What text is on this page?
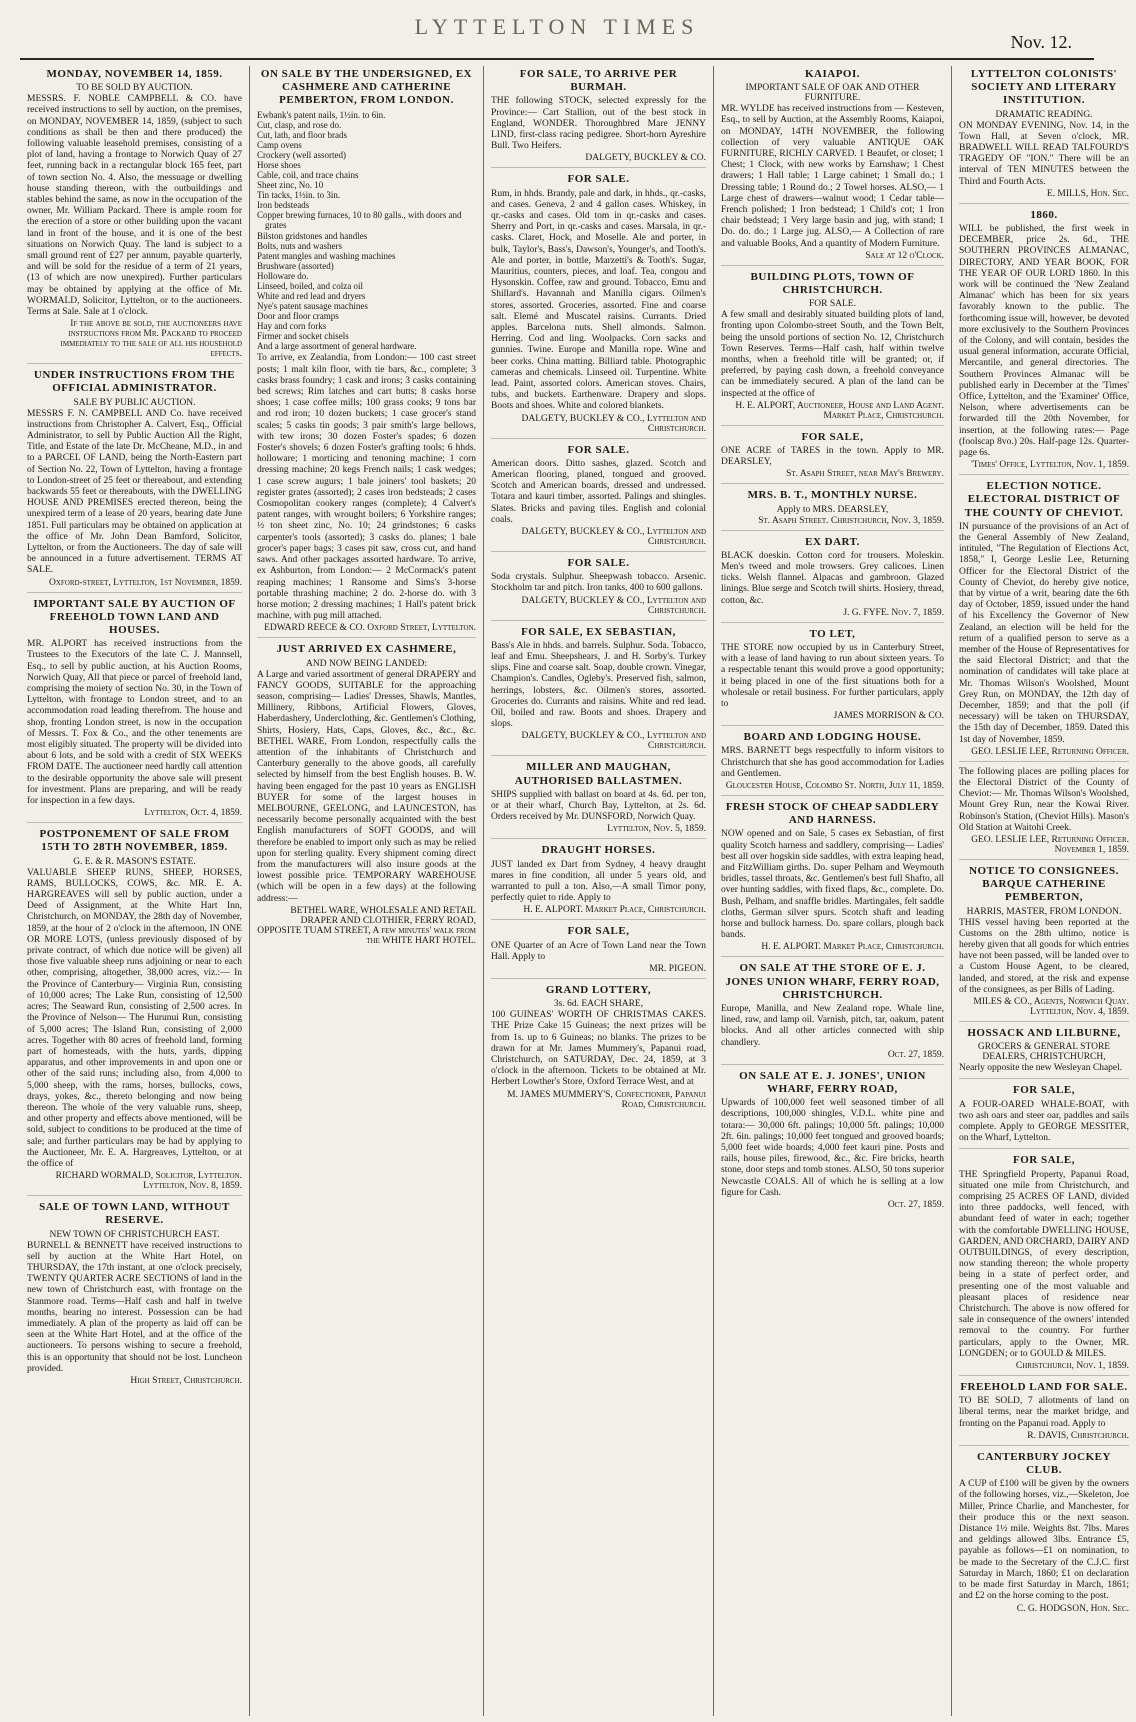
LYTTELTON TIMES
Nov. 12.
MONDAY, NOVEMBER 14, 1859.
TO BE SOLD BY AUCTION.
MESSRS. F. NOBLE CAMPBELL & CO. have received instructions to sell by auction, on the premises, on MONDAY, NOVEMBER 14, 1859, (subject to such conditions as shall be then and there produced) the following valuable leasehold premises, consisting of a plot of land, having a frontage to Norwich Quay of 27 feet, running back in a rectangular block 165 feet, part of town section No. 4. Also, the messuage or dwelling house standing thereon, with the outbuildings and stables behind the same, as now in the occupation of the owner, Mr. William Packard. There is ample room for the erection of a store or other building upon the vacant land in front of the house, and it is one of the best situations on Norwich Quay. The land is subject to a small ground rent of £27 per annum, payable quarterly, and will be sold for the residue of a term of 21 years, (13 of which are now unexpired). Further particulars may be obtained by applying at the office of Mr. WORMALD, Solicitor, Lyttelton, or to the auctioneers. Terms at Sale. Sale at 1 o'clock.
If the above be sold, the auctioneers have instructions from Mr. Packard to proceed immediately to the sale of all his household effects.
UNDER INSTRUCTIONS FROM THE OFFICIAL ADMINISTRATOR.
SALE BY PUBLIC AUCTION.
MESSRS F. N. CAMPBELL AND Co. have received instructions from Christopher A. Calvert, Esq., Official Administrator, to sell by Public Auction All the Right, Title, and Estate of the late Dr. McCheane, M.D., in and to a PARCEL OF LAND, being the North-Eastern part of Section No. 22, Town of Lyttelton, having a frontage to London-street of 25 feet or thereabout, and extending backwards 55 feet or thereabouts, with the DWELLING HOUSE AND PREMISES erected thereon, being the unexpired term of a lease of 20 years, bearing date June 1851. Full particulars may be obtained on application at the office of Mr. John Dean Bamford, Solicitor, Lyttelton, or from the Auctioneers. The day of sale will be announced in a future advertisement. TERMS AT SALE.
Oxford-street, Lyttelton, 1st November, 1859.
IMPORTANT SALE BY AUCTION OF FREEHOLD TOWN LAND AND HOUSES.
MR. ALPORT has received instructions from the Trustees to the Executors of the late C. J. Mannsell, Esq., to sell by public auction, at his Auction Rooms, Norwich Quay, All that piece or parcel of freehold land, comprising the moiety of section No. 30, in the Town of Lyttelton, with frontage to London street, and to an accommodation road leading therefrom. The house and shop, fronting London street, is now in the occupation of Messrs. T. Fox & Co., and the other tenements are most eligibly situated. The property will be divided into about 6 lots, and be sold with a credit of SIX WEEKS FROM DATE. The auctioneer need hardly call attention to the desirable opportunity the above sale will present for investment. Plans are preparing, and will be ready for inspection in a few days.
Lyttelton, Oct. 4, 1859.
POSTPONEMENT OF SALE FROM 15TH TO 28TH NOVEMBER, 1859.
G. E. & R. MASON'S ESTATE.
VALUABLE SHEEP RUNS, SHEEP, HORSES, RAMS, BULLOCKS, COWS, &c. MR. E. A. HARGREAVES will sell by public auction, under a Deed of Assignment, at the White Hart Inn, Christchurch, on MONDAY, the 28th day of November, 1859, at the hour of 2 o'clock in the afternoon, IN ONE OR MORE LOTS, (unless previously disposed of by private contract, of which due notice will be given) all those five valuable sheep runs adjoining or near to each other, comprising, altogether, 38,000 acres, viz.:— In the Province of Canterbury— Virginia Run, consisting of 10,000 acres; The Lake Run, consisting of 12,500 acres; The Seaward Run, consisting of 2,500 acres. In the Province of Nelson— The Hurunui Run, consisting of 5,000 acres; The Island Run, consisting of 2,000 acres. Together with 80 acres of freehold land, forming part of homesteads, with the huts, yards, dipping apparatus, and other improvements in and upon one or other of the said runs; including also, from 4,000 to 5,000 sheep, with the rams, horses, bullocks, cows, drays, yokes, &c., thereto belonging and now being thereon. The whole of the very valuable runs, sheep, and other property and effects above mentioned, will be sold, subject to conditions to be produced at the time of sale; and further particulars may be had by applying to the Auctioneer, Mr. E. A. Hargreaves, Lyttelton, or at the office of
RICHARD WORMALD, Solicitor, Lyttelton. Lyttelton, Nov. 8, 1859.
SALE OF TOWN LAND, WITHOUT RESERVE.
NEW TOWN OF CHRISTCHURCH EAST.
BURNELL & BENNETT have received instructions to sell by auction at the White Hart Hotel, on THURSDAY, the 17th instant, at one o'clock precisely, TWENTY QUARTER ACRE SECTIONS of land in the new town of Christchurch east, with frontage on the Stanmore road. Terms—Half cash and half in twelve months, bearing no interest. Possession can be had immediately. A plan of the property as laid off can be seen at the White Hart Hotel, and at the office of the auctioneers. To persons wishing to secure a freehold, this is an opportunity that should not be lost. Luncheon provided.
High Street, Christchurch.
ON SALE BY THE UNDERSIGNED, EX CASHMERE AND CATHERINE PEMBERTON, FROM LONDON.
Ewbank's patent nails, 1½in. to 6in.
Cut, clasp, and rose do.
Cut, lath, and floor brads
Camp ovens
Crockery (well assorted)
Horse shoes
Cable, coil, and trace chains
Sheet zinc, No. 10
Tin tacks, 1½in. to 3in.
Iron bedsteads
Copper brewing furnaces, 10 to 80 galls., with doors and grates
Bilston gridstones and handles
Bolts, nuts and washers
Patent mangles and washing machines
Brushware (assorted)
Holloware do.
Linseed, boiled, and colza oil
White and red lead and dryers
Nye's patent sausage machines
Door and floor cramps
Hay and corn forks
Firmer and socket chisels
And a large assortment of general hardware.
To arrive, ex Zealandia, from London:— 100 cast street posts; 1 malt kiln floor, with tie bars, &c., complete; 3 casks brass foundry; 1 cask and irons; 3 casks containing bed screws; Rim latches and cart butts; 8 casks horse shoes; 1 case coffee mills; 100 grass cooks; 9 tons bar and rod iron; 10 dozen buckets; 1 case grocer's stand scales; 5 casks tin goods; 3 pair smith's large bellows, with tew irons; 30 dozen Foster's spades; 6 dozen Foster's shovels; 6 dozen Foster's grafting tools; 6 hhds. holloware; 1 morticing and tenoning machine; 1 corn dressing machine; 20 kegs French nails; 1 cask wedges; 1 case screw augurs; 1 bale joiners' tool baskets; 20 register grates (assorted); 2 cases iron bedsteads; 2 cases Cosmopolitan cookery ranges (complete); 4 Calvert's patent ranges, with wrought boilers; 6 Yorkshire ranges; ½ ton sheet zinc, No. 10; 24 grindstones; 6 casks carpenter's tools (assorted); 3 casks do. planes; 1 bale grocer's paper bags; 3 cases pit saw, cross cut, and hand saws. And other packages assorted hardware. To arrive, ex Ashburton, from London:— 2 McCormack's patent reaping machines; 1 Ransome and Sims's 3-horse portable thrashing machine; 2 do. 2-horse do. with 3 horse motion; 2 dressing machines; 1 Hall's patent brick machine, with pug mill attached.
EDWARD REECE & CO. Oxford Street, Lyttelton.
JUST ARRIVED EX CASHMERE,
AND NOW BEING LANDED:
A Large and varied assortment of general DRAPERY and FANCY GOODS, SUITABLE for the approaching season, comprising— Ladies' Dresses, Shawls, Mantles, Millinery, Ribbons, Artificial Flowers, Gloves, Haberdashery, Underclothing, &c. Gentlemen's Clothing, Shirts, Hosiery, Hats, Caps, Gloves, &c., &c., &c. BETHEL WARE, From London, respectfully calls the attention of the inhabitants of Christchurch and Canterbury generally to the above goods, all carefully selected by himself from the best English houses. B. W. having been engaged for the past 10 years as ENGLISH BUYER for some of the largest houses in MELBOURNE, GEELONG, and LAUNCESTON, has necessarily become personally acquainted with the best English manufacturers of SOFT GOODS, and will therefore be enabled to import only such as may be relied upon for sterling quality. Every shipment coming direct from the manufacturers will also insure goods at the lowest possible price. TEMPORARY WAREHOUSE (which will be open in a few days) at the following address:—
BETHEL WARE, WHOLESALE AND RETAIL DRAPER AND CLOTHIER, FERRY ROAD, OPPOSITE TUAM STREET, A few minutes' walk from the WHITE HART HOTEL.
FOR SALE, TO ARRIVE PER BURMAH.
THE following STOCK, selected expressly for the Province:— Cart Stallion, out of the best stock in England, WONDER. Thoroughbred Mare JENNY LIND, first-class racing pedigree. Short-horn Ayreshire Bull. Two Heifers.
DALGETY, BUCKLEY & CO.
FOR SALE.
Rum, in hhds. Brandy, pale and dark, in hhds., qr.-casks, and cases. Geneva, 2 and 4 gallon cases. Whiskey, in qr.-casks and cases. Old tom in qr.-casks and cases. Sherry and Port, in qr.-casks and cases. Marsala, in qr.-casks. Claret, Hock, and Moselle. Ale and porter, in bulk, Taylor's, Bass's, Dawson's, Younger's, and Tooth's. Ale and porter, in bottle, Marzetti's & Tooth's. Sugar, Mauritius, counters, pieces, and loaf. Tea, congou and Hysonskin. Coffee, raw and ground. Tobacco, Emu and Shillard's. Havannah and Manilla cigars. Oilmen's stores, assorted. Groceries, assorted. Fine and coarse salt. Elemé and Muscatel raisins. Currants. Dried apples. Barcelona nuts. Shell almonds. Salmon. Herring. Cod and ling. Woolpacks. Corn sacks and gunnies. Twine. Europe and Manilla rope. Wine and beer corks. China matting. Billiard table. Photographic cameras and chemicals. Linseed oil. Turpentine. White lead. Paint, assorted colors. American stoves. Chairs, tubs, and buckets. Earthenware. Drapery and slops. Boots and shoes. White and colored blankets.
DALGETY, BUCKLEY & CO., Lyttelton and Christchurch.
FOR SALE.
American doors. Ditto sashes, glazed. Scotch and American flooring, planed, tongued and grooved. Scotch and American boards, dressed and undressed. Totara and kauri timber, assorted. Palings and shingles. Slates. Bricks and paving tiles. English and colonial coals.
DALGETY, BUCKLEY & CO., Lyttelton and Christchurch.
FOR SALE.
Soda crystals. Sulphur. Sheepwash tobacco. Arsenic. Stockholm tar and pitch. Iron tanks, 400 to 600 gallons.
DALGETY, BUCKLEY & CO., Lyttelton and Christchurch.
FOR SALE, EX SEBASTIAN,
Bass's Ale in hhds. and barrels. Sulphur. Soda. Tobacco, leaf and Emu. Sheepshears, J. and H. Sorby's. Turkey slips. Fine and coarse salt. Soap, double crown. Vinegar, Champion's. Candles, Ogleby's. Preserved fish, salmon, herrings, lobsters, &c. Oilmen's stores, assorted. Groceries do. Currants and raisins. White and red lead. Oil, boiled and raw. Boots and shoes. Drapery and slops.
DALGETY, BUCKLEY & CO., Lyttelton and Christchurch.
MILLER AND MAUGHAN, AUTHORISED BALLASTMEN.
SHIPS supplied with ballast on board at 4s. 6d. per ton, or at their wharf, Church Bay, Lyttelton, at 2s. 6d. Orders received by Mr. DUNSFORD, Norwich Quay.
Lyttelton, Nov. 5, 1859.
DRAUGHT HORSES.
JUST landed ex Dart from Sydney, 4 heavy draught mares in fine condition, all under 5 years old, and warranted to pull a ton. Also,—A small Timor pony, perfectly quiet to ride. Apply to
H. E. ALPORT. Market Place, Christchurch.
FOR SALE,
ONE Quarter of an Acre of Town Land near the Town Hall. Apply to
MR. PIGEON.
GRAND LOTTERY,
3s. 6d. EACH SHARE,
100 GUINEAS' WORTH OF CHRISTMAS CAKES. THE Prize Cake 15 Guineas; the next prizes will be from 1s. up to 6 Guineas; no blanks. The prizes to be drawn for at Mr. James Mummery's, Papanui road, Christchurch, on SATURDAY, Dec. 24, 1859, at 3 o'clock in the afternoon. Tickets to be obtained at Mr. Herbert Lowther's Store, Oxford Terrace West, and at
M. JAMES MUMMERY'S, Confectioner, Papanui Road, Christchurch.
KAIAPOI.
IMPORTANT SALE OF OAK AND OTHER FURNITURE.
MR. WYLDE has received instructions from — Kesteven, Esq., to sell by Auction, at the Assembly Rooms, Kaiapoi, on MONDAY, 14TH NOVEMBER, the following collection of very valuable ANTIQUE OAK FURNITURE, RICHLY CARVED. 1 Beaufet, or closet; 1 Chest; 1 Clock, with new works by Earnshaw; 1 Chest drawers; 1 Hall table; 1 Large cabinet; 1 Small do.; 1 Dressing table; 1 Round do.; 2 Towel horses. ALSO,— 1 Large chest of drawers—walnut wood; 1 Cedar table—French polished; 1 Iron bedstead; 1 Child's cot; 1 Iron chair bedstead; 1 Very large basin and jug, with stand; 1 Do. do. do.; 1 Large jug. ALSO,— A Collection of rare and valuable Books, And a quantity of Modern Furniture.
Sale at 12 o'Clock.
BUILDING PLOTS, TOWN OF CHRISTCHURCH.
FOR SALE.
A few small and desirably situated building plots of land, fronting upon Colombo-street South, and the Town Belt, being the unsold portions of section No. 12, Christchurch Town Reserves. Terms—Half cash, half within twelve months, when a freehold title will be granted; or, if preferred, by paying cash down, a freehold conveyance can be immediately secured. A plan of the land can be inspected at the office of
H. E. ALPORT, Auctioneer, House and Land Agent. Market Place, Christchurch.
FOR SALE,
ONE ACRE of TARES in the town. Apply to MR. DEARSLEY,
St. Asaph Street, near May's Brewery.
MRS. B. T., MONTHLY NURSE.
Apply to MRS. DEARSLEY,
St. Asaph Street. Christchurch, Nov. 3, 1859.
EX DART.
BLACK doeskin. Cotton cord for trousers. Moleskin. Men's tweed and mole trowsers. Grey calicoes. Linen ticks. Welsh flannel. Alpacas and gambroon. Glazed linings. Blue serge and Scotch twill shirts. Hosiery, thread, cotton, &c.
J. G. FYFE. Nov. 7, 1859.
TO LET,
THE STORE now occupied by us in Canterbury Street, with a lease of land having to run about sixteen years. To a respectable tenant this would prove a good opportunity; it being placed in one of the first situations both for a wholesale or retail business. For further particulars, apply to
JAMES MORRISON & CO.
BOARD AND LODGING HOUSE.
MRS. BARNETT begs respectfully to inform visitors to Christchurch that she has good accommodation for Ladies and Gentlemen.
Gloucester House, Colombo St. North, July 11, 1859.
FRESH STOCK OF CHEAP SADDLERY AND HARNESS.
NOW opened and on Sale, 5 cases ex Sebastian, of first quality Scotch harness and saddlery, comprising— Ladies' best all over hogskin side saddles, with extra leaping head, and FitzWilliam girths. Do. super Pelham and Weymouth bridles, tassel throats, &c. Gentlemen's best full Shafto, all over hunting saddles, with fixed flaps, &c., complete. Do. Bush, Pelham, and snaffle bridles. Martingales, felt saddle cloths, German silver spurs. Scotch shaft and leading horse and bullock harness. Do. spare collars, plough back bands.
H. E. ALPORT. Market Place, Christchurch.
ON SALE AT THE STORE OF E. J. JONES UNION WHARF, FERRY ROAD, CHRISTCHURCH.
Europe, Manilla, and New Zealand rope. Whale line, lined, raw, and lamp oil. Varnish, pitch, tar, oakum, patent blocks. And all other articles connected with ship chandlery.
Oct. 27, 1859.
ON SALE AT E. J. JONES', UNION WHARF, FERRY ROAD,
Upwards of 100,000 feet well seasoned timber of all descriptions, 100,000 shingles, V.D.L. white pine and totara:— 30,000 6ft. palings; 10,000 5ft. palings; 10,000 2ft. 6in. palings; 10,000 feet tongued and grooved boards; 5,000 feet wide boards; 4,000 feet kauri pine. Posts and rails, house piles, firewood, &c., &c. Fire bricks, hearth stone, door steps and tomb stones. ALSO, 50 tons superior Newcastle COALS. All of which he is selling at a low figure for Cash.
Oct. 27, 1859.
LYTTELTON COLONISTS' SOCIETY AND LITERARY INSTITUTION.
DRAMATIC READING.
ON MONDAY EVENING, Nov. 14, in the Town Hall, at Seven o'clock, MR. BRADWELL WILL READ TALFOURD'S TRAGEDY OF "ION." There will be an interval of TEN MINUTES between the Third and Fourth Acts.
E. MILLS, Hon. Sec.
1860.
WILL be published, the first week in DECEMBER, price 2s. 6d., THE SOUTHERN PROVINCES ALMANAC, DIRECTORY, AND YEAR BOOK, FOR THE YEAR OF OUR LORD 1860. In this work will be continued the 'New Zealand Almanac' which has been for six years favorably known to the public. The forthcoming issue will, however, be devoted more exclusively to the Southern Provinces of the Colony, and will contain, besides the usual general information, accurate Official, Mercantile, and general directories. The Southern Provinces Almanac will be published early in December at the 'Times' Office, Lyttelton, and the 'Examiner' Office, Nelson, where advertisements can be forwarded till the 20th November, for insertion, at the following rates:— Page (foolscap 8vo.) 20s. Half-page 12s. Quarter-page 6s.
'Times' Office, Lyttelton, Nov. 1, 1859.
ELECTION NOTICE. ELECTORAL DISTRICT OF THE COUNTY OF CHEVIOT.
IN pursuance of the provisions of an Act of the General Assembly of New Zealand, intituled, "The Regulation of Elections Act, 1858," I, George Leslie Lee, Returning Officer for the Electoral District of the County of Cheviot, do hereby give notice, that by virtue of a writ, bearing date the 6th day of October, 1859, issued under the hand of his Excellency the Governor of New Zealand, an election will be held for the return of a qualified person to serve as a member of the House of Representatives for the said Electoral District; and that the nomination of candidates will take place at Mr. Thomas Wilson's Woolshed, Mount Grey Run, on MONDAY, the 12th day of December, 1859; and that the poll (if necessary) will be taken on THURSDAY, the 15th day of December, 1859. Dated this 1st day of November, 1859.
GEO. LESLIE LEE, Returning Officer.
The following places are polling places for the Electoral District of the County of Cheviot:— Mr. Thomas Wilson's Woolshed, Mount Grey Run, near the Kowai River. Robinson's Station, (Cheviot Hills). Mason's Old Station at Waitohi Creek.
GEO. LESLIE LEE, Returning Officer. November 1, 1859.
NOTICE TO CONSIGNEES. BARQUE CATHERINE PEMBERTON,
HARRIS, MASTER, FROM LONDON.
THIS vessel having been reported at the Customs on the 28th ultimo, notice is hereby given that all goods for which entries have not been passed, will be landed over to a Custom House Agent, to be cleared, landed, and stored, at the risk and expense of the consignees, as per Bills of Lading.
MILES & CO., Agents, Norwich Quay. Lyttelton, Nov. 4, 1859.
HOSSACK AND LILBURNE,
GROCERS & GENERAL STORE DEALERS, CHRISTCHURCH,
Nearly opposite the new Wesleyan Chapel.
FOR SALE,
A FOUR-OARED WHALE-BOAT, with two ash oars and steer oar, paddles and sails complete. Apply to GEORGE MESSITER, on the Wharf, Lyttelton.
FOR SALE,
THE Springfield Property, Papanui Road, situated one mile from Christchurch, and comprising 25 ACRES OF LAND, divided into three paddocks, well fenced, with abundant feed of water in each; together with the comfortable DWELLING HOUSE, GARDEN, AND ORCHARD, DAIRY AND OUTBUILDINGS, of every description, now standing thereon; the whole property being in a state of perfect order, and presenting one of the most valuable and pleasant places of residence near Christchurch. The above is now offered for sale in consequence of the owners' intended removal to the country. For further particulars, apply to the Owner, MR. LONGDEN; or to GOULD & MILES.
Christchurch, Nov. 1, 1859.
FREEHOLD LAND FOR SALE.
TO BE SOLD, 7 allotments of land on liberal terms, near the market bridge, and fronting on the Papanui road. Apply to
R. DAVIS, Christchurch.
CANTERBURY JOCKEY CLUB.
A CUP of £100 will be given by the owners of the following horses, viz.,—Skeleton, Joe Miller, Prince Charlie, and Manchester, for their produce this or the next season. Distance 1½ mile. Weights 8st. 7lbs. Mares and geldings allowed 3lbs. Entrance £5, payable as follows—£1 on nomination, to be made to the Secretary of the C.J.C. first Saturday in March, 1860; £1 on declaration to be made first Saturday in March, 1861; and £2 on the horse coming to the post.
C. G. HODGSON, Hon. Sec.
